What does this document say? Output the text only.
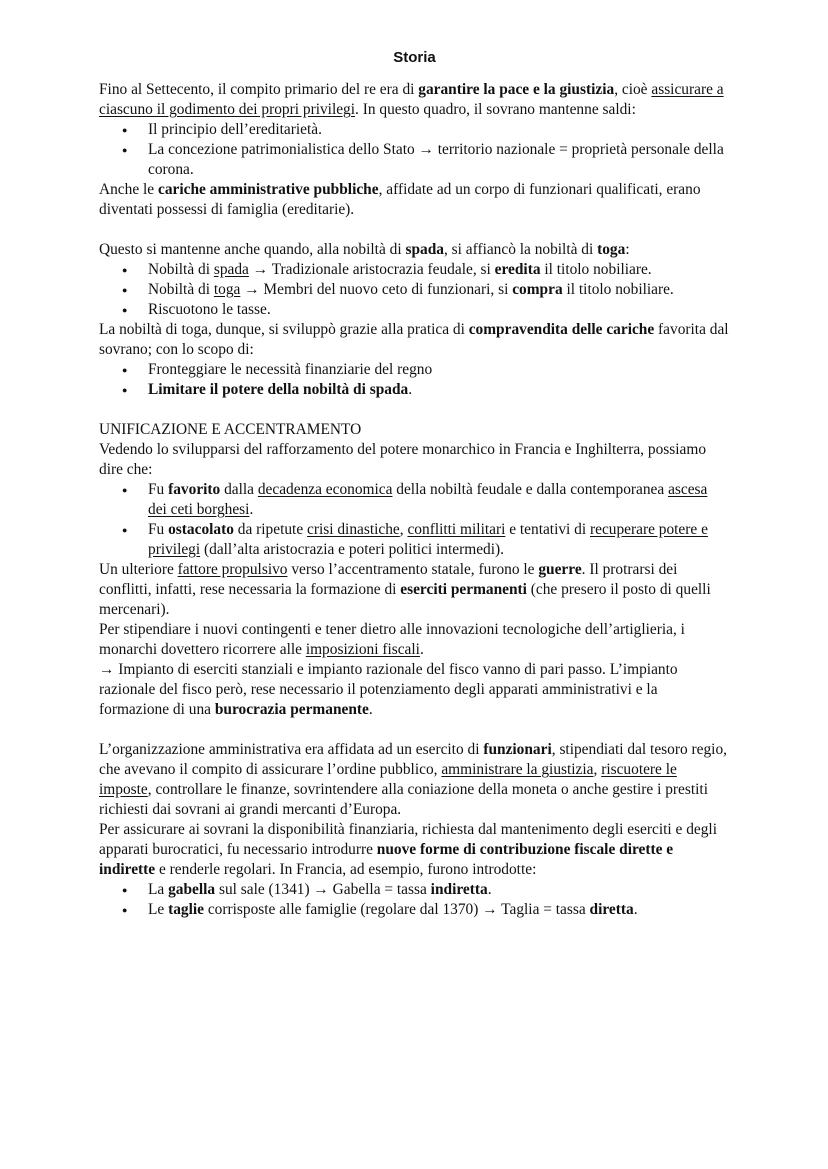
Storia

Fino al Settecento, il compito primario del re era di garantire la pace e la giustizia, cioè assicurare a ciascuno il godimento dei propri privilegi. In questo quadro, il sovrano mantenne saldi:

● Il principio dell’ereditarietà.
● La concezione patrimonialistica dello Stato → territorio nazionale = proprietà personale della corona.

Anche le cariche amministrative pubbliche, affidate ad un corpo di funzionari qualificati, erano diventati possessi di famiglia (ereditarie).

Questo si mantenne anche quando, alla nobiltà di spada, si affiancò la nobiltà di toga:

● Nobiltà di spada → Tradizionale aristocrazia feudale, si eredita il titolo nobiliare.
● Nobiltà di toga → Membri del nuovo ceto di funzionari, si compra il titolo nobiliare.
● Riscuotono le tasse.

La nobiltà di toga, dunque, si sviluppò grazie alla pratica di compravendita delle cariche favorita dal sovrano; con lo scopo di:

● Fronteggiare le necessità finanziarie del regno
● Limitare il potere della nobiltà di spada.

UNIFICAZIONE E ACCENTRAMENTO

Vedendo lo svilupparsi del rafforzamento del potere monarchico in Francia e Inghilterra, possiamo dire che:

● Fu favorito dalla decadenza economica della nobiltà feudale e dalla contemporanea ascesa dei ceti borghesi.
● Fu ostacolato da ripetute crisi dinastiche, conflitti militari e tentativi di recuperare potere e privilegi (dall’alta aristocrazia e poteri politici intermedi).

Un ulteriore fattore propulsivo verso l’accentramento statale, furono le guerre. Il protrarsi dei conflitti, infatti, rese necessaria la formazione di eserciti permanenti (che presero il posto di quelli mercenari).

Per stipendiare i nuovi contingenti e tener dietro alle innovazioni tecnologiche dell’artiglieria, i monarchi dovettero ricorrere alle imposizioni fiscali.

→ Impianto di eserciti stanziali e impianto razionale del fisco vanno di pari passo. L’impianto razionale del fisco però, rese necessario il potenziamento degli apparati amministrativi e la formazione di una burocrazia permanente.

L’organizzazione amministrativa era affidata ad un esercito di funzionari, stipendiati dal tesoro regio, che avevano il compito di assicurare l’ordine pubblico, amministrare la giustizia, riscuotere le imposte, controllare le finanze, sovrintendere alla coniazione della moneta o anche gestire i prestiti richiesti dai sovrani ai grandi mercanti d’Europa.

Per assicurare ai sovrani la disponibilità finanziaria, richiesta dal mantenimento degli eserciti e degli apparati burocratici, fu necessario introdurre nuove forme di contribuzione fiscale dirette e indirette e renderle regolari. In Francia, ad esempio, furono introdotte:

● La gabella sul sale (1341) → Gabella = tassa indiretta.
● Le taglie corrisposte alle famiglie (regolare dal 1370) → Taglia = tassa diretta.
